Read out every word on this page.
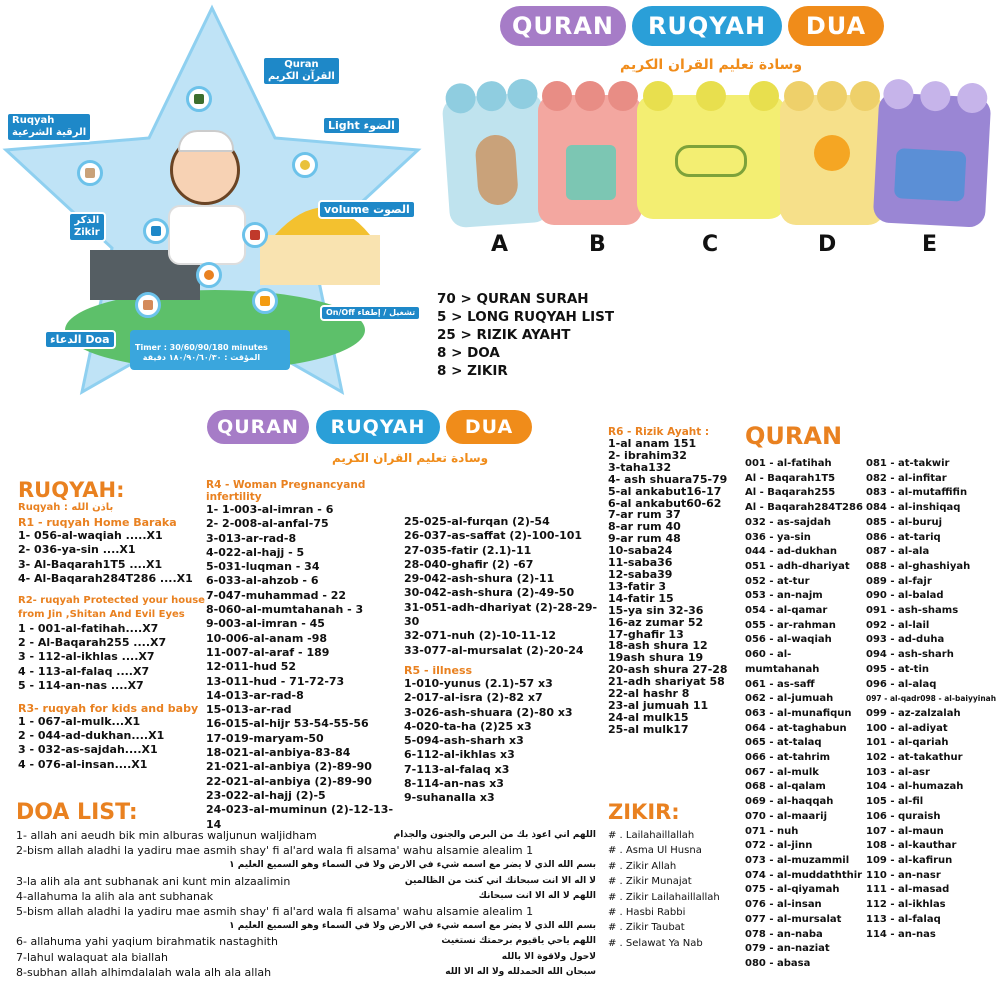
Quran
القرآن الكريم
Ruqyah
الرقية الشرعية
Light الضوء
الذكر
Zikir
volume الصوت
On/Off تشغيل / إطفاء
الدعاء Doa
Timer : 30/60/90/180 minutes
المؤقت : ١٨٠/٩٠/٦٠/٣٠ دقيقة
QURAN	RUQYAH	DUA
وسادة تعليم القران الكريم
A	B	C	D	E
70 > QURAN SURAH
5 > LONG RUQYAH LIST
25 > RIZIK AYAHT
8 > DOA
8 > ZIKIR
QURAN	RUQYAH	DUA
وسادة تعليم القران الكريم
RUQYAH:
Ruqyah : باذن الله
R1 - ruqyah Home Baraka
1- 056-al-waqiah .....X1
2- 036-ya-sin ....X1
3- Al-Baqarah1T5 ....X1
4- Al-Baqarah284T286 ....X1
R2- ruqyah Protected your house from Jin ,Shitan And Evil Eyes
1 - 001-al-fatihah....X7
2 - Al-Baqarah255 ....X7
3 - 112-al-ikhlas ....X7
4 - 113-al-falaq ....X7
5 - 114-an-nas ....X7
R3- ruqyah for kids and baby
1 - 067-al-mulk...X1
2 - 044-ad-dukhan....X1
3 - 032-as-sajdah....X1
4 - 076-al-insan....X1
R4 - Woman Pregnancyand infertility
1- 1-003-al-imran - 6
2- 2-008-al-anfal-75
3-013-ar-rad-8
4-022-al-hajj - 5
5-031-luqman - 34
6-033-al-ahzob - 6
7-047-muhammad - 22
8-060-al-mumtahanah - 3
9-003-al-imran - 45
10-006-al-anam -98
11-007-al-araf - 189
12-011-hud 52
13-011-hud - 71-72-73
14-013-ar-rad-8
15-013-ar-rad
16-015-al-hijr 53-54-55-56
17-019-maryam-50
18-021-al-anbiya-83-84
21-021-al-anbiya (2)-89-90
22-021-al-anbiya (2)-89-90
23-022-al-hajj (2)-5
24-023-al-muminun (2)-12-13-14
25-025-al-furqan (2)-54
26-037-as-saffat (2)-100-101
27-035-fatir (2.1)-11
28-040-ghafir (2) -67
29-042-ash-shura (2)-11
30-042-ash-shura (2)-49-50
31-051-adh-dhariyat (2)-28-29-30
32-071-nuh (2)-10-11-12
33-077-al-mursalat (2)-20-24
R5 - illness
1-010-yunus (2.1)-57 x3
2-017-al-isra (2)-82 x7
3-026-ash-shuara (2)-80 x3
4-020-ta-ha (2)25 x3
5-094-ash-sharh x3
6-112-al-ikhlas x3
7-113-al-falaq x3
8-114-an-nas x3
9-suhanalla x3
R6 - Rizik Ayaht :
1-al anam 151
2- ibrahim32
3-taha132
4- ash shuara75-79
5-al ankabut16-17
6-al ankabut60-62
7-ar rum 37
8-ar rum 40
9-ar rum 48
10-saba24
11-saba36
12-saba39
13-fatir 3
14-fatir 15
15-ya sin 32-36
16-az zumar 52
17-ghafir 13
18-ash shura 12
19ash shura 19
20-ash shura 27-28
21-adh shariyat 58
22-al hashr 8
23-al jumuah 11
24-al mulk15
25-al mulk17
QURAN
001 - al-fatihah
Al - Baqarah1T5
Al - Baqarah255
Al - Baqarah284T286
032 - as-sajdah
036 - ya-sin
044 - ad-dukhan
051 - adh-dhariyat
052 - at-tur
053 - an-najm
054 - al-qamar
055 - ar-rahman
056 - al-waqiah
060 - al-mumtahanah
061 - as-saff
062 - al-jumuah
063 - al-munafiqun
064 - at-taghabun
065 - at-talaq
066 - at-tahrim
067 - al-mulk
068 - al-qalam
069 - al-haqqah
070 - al-maarij
071 - nuh
072 - al-jinn
073 - al-muzammil
074 - al-muddaththir
075 - al-qiyamah
076 - al-insan
077 - al-mursalat
078 - an-naba
079 - an-naziat
080 - abasa
081 - at-takwir
082 - al-infitar
083 - al-mutaffifin
084 - al-inshiqaq
085 - al-buruj
086 - at-tariq
087 - al-ala
088 - al-ghashiyah
089 - al-fajr
090 - al-balad
091 - ash-shams
092 - al-lail
093 - ad-duha
094 - ash-sharh
095 - at-tin
096 - al-alaq
097 - al-qadr098 - al-baiyyinah
099 - az-zalzalah
100 - al-adiyat
101 - al-qariah
102 - at-takathur
103 - al-asr
104 - al-humazah
105 - al-fil
106 - quraish
107 - al-maun
108 - al-kauthar
109 - al-kafirun
110 - an-nasr
111 - al-masad
112 - al-ikhlas
113 - al-falaq
114 - an-nas
ZIKIR:
# . Lailahaillallah
# . Asma Ul Husna
# . Zikir Allah
# . Zikir Munajat
# . Zikir Lailahaillallah
# . Hasbi Rabbi
# . Zikir Taubat
# . Selawat Ya Nab
DOA LIST:
1- allah ani aeudh bik min alburas waljunun waljidham	اللهم اني اعوذ بك من البرص والجنون والجذام
2-bism allah aladhi la yadiru mae asmih shay' fi al'ard wala fi alsama' wahu alsamie alealim 1
بسم الله الذي لا يضر مع اسمه شيء في الارض ولا في السماء وهو السميع العليم ١
3-la alih ala ant subhanak ani kunt min alzaalimin	لا اله الا انت سبحانك اني كنت من الظالمين
4-allahuma la alih ala ant subhanak	اللهم لا اله الا انت سبحانك
5-bism allah aladhi la yadiru mae asmih shay' fi al'ard wala fi alsama' wahu alsamie alealim 1
بسم الله الذي لا يضر مع اسمه شيء في الارض ولا في السماء وهو السميع العليم ١
6- allahuma yahi yaqium birahmatik nastaghith	اللهم ياحي ياقيوم برحمتك نستغيث
7-lahul walaquat ala biallah	لاحول ولاقوة الا بالله
8-subhan allah alhimdalalah wala alh ala allah	سبحان الله الحمدلله ولا اله الا الله
